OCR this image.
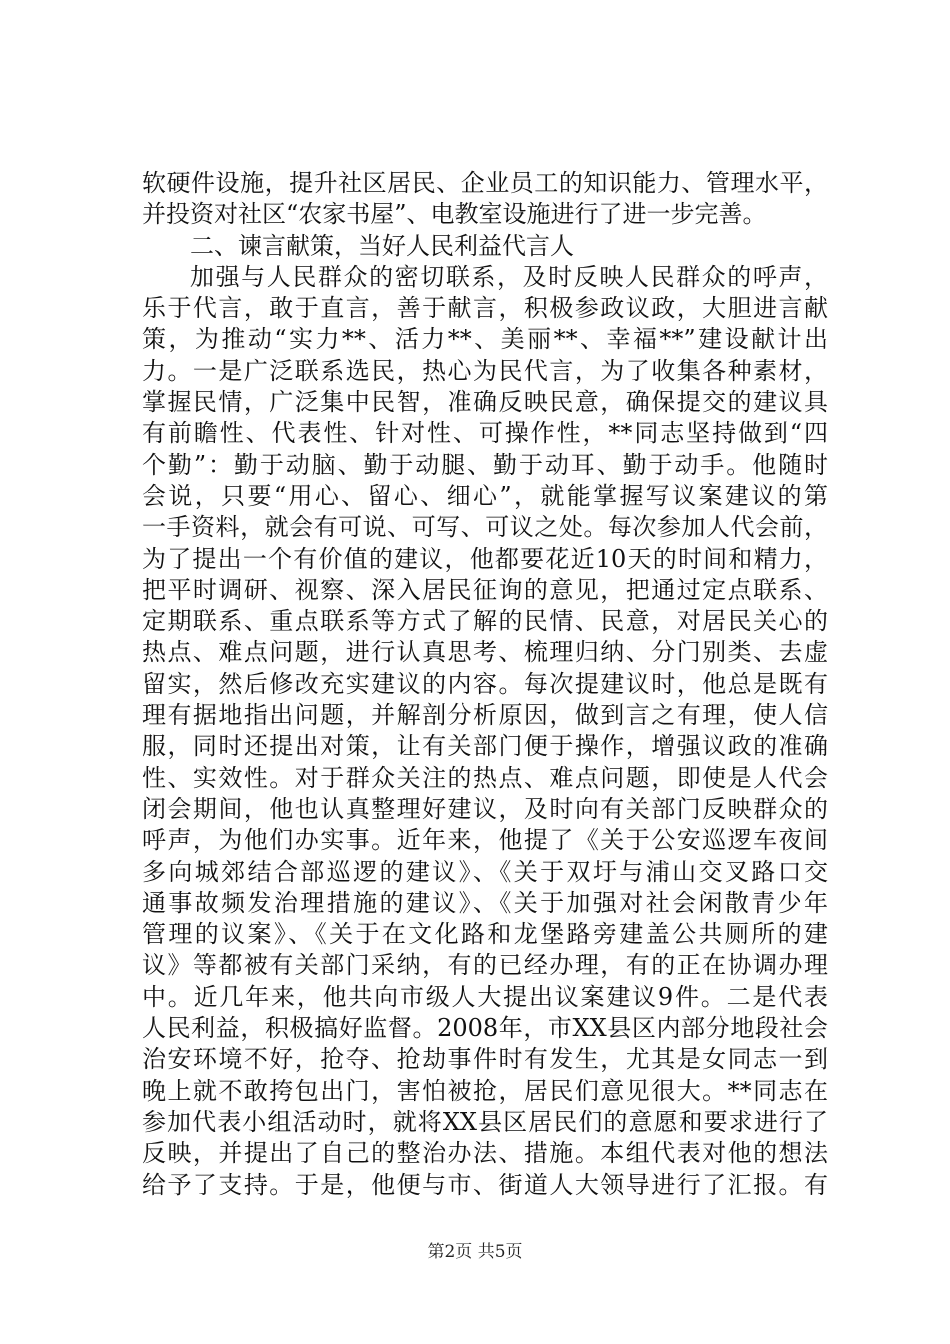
软硬件设施，提升社区居民、企业员工的知识能力、管理水平，
并投资对社区“农家书屋”、电教室设施进行了进一步完善。
二、谏言献策，当好人民利益代言人
加强与人民群众的密切联系，及时反映人民群众的呼声，
乐于代言，敢于直言，善于献言，积极参政议政，大胆进言献
策，为推动“实力**、活力**、美丽**、幸福**”建设献计出
力。一是广泛联系选民，热心为民代言，为了收集各种素材，
掌握民情，广泛集中民智，准确反映民意，确保提交的建议具
有前瞻性、代表性、针对性、可操作性，**同志坚持做到“四
个勤”：勤于动脑、勤于动腿、勤于动耳、勤于动手。他随时
会说，只要“用心、留心、细心”，就能掌握写议案建议的第
一手资料，就会有可说、可写、可议之处。每次参加人代会前，
为了提出一个有价值的建议，他都要花近10天的时间和精力，
把平时调研、视察、深入居民征询的意见，把通过定点联系、
定期联系、重点联系等方式了解的民情、民意，对居民关心的
热点、难点问题，进行认真思考、梳理归纳、分门别类、去虚
留实，然后修改充实建议的内容。每次提建议时，他总是既有
理有据地指出问题，并解剖分析原因，做到言之有理，使人信
服，同时还提出对策，让有关部门便于操作，增强议政的准确
性、实效性。对于群众关注的热点、难点问题，即使是人代会
闭会期间，他也认真整理好建议，及时向有关部门反映群众的
呼声，为他们办实事。近年来，他提了《关于公安巡逻车夜间
多向城郊结合部巡逻的建议》、《关于双圩与浦山交叉路口交
通事故频发治理措施的建议》、《关于加强对社会闲散青少年
管理的议案》、《关于在文化路和龙堡路旁建盖公共厕所的建
议》等都被有关部门采纳，有的已经办理，有的正在协调办理
中。近几年来，他共向市级人大提出议案建议9件。二是代表
人民利益，积极搞好监督。2008年，市XX县区内部分地段社会
治安环境不好，抢夺、抢劫事件时有发生，尤其是女同志一到
晚上就不敢挎包出门，害怕被抢，居民们意见很大。**同志在
参加代表小组活动时，就将XX县区居民们的意愿和要求进行了
反映，并提出了自己的整治办法、措施。本组代表对他的想法
给予了支持。于是，他便与市、街道人大领导进行了汇报。有
第2页 共5页
